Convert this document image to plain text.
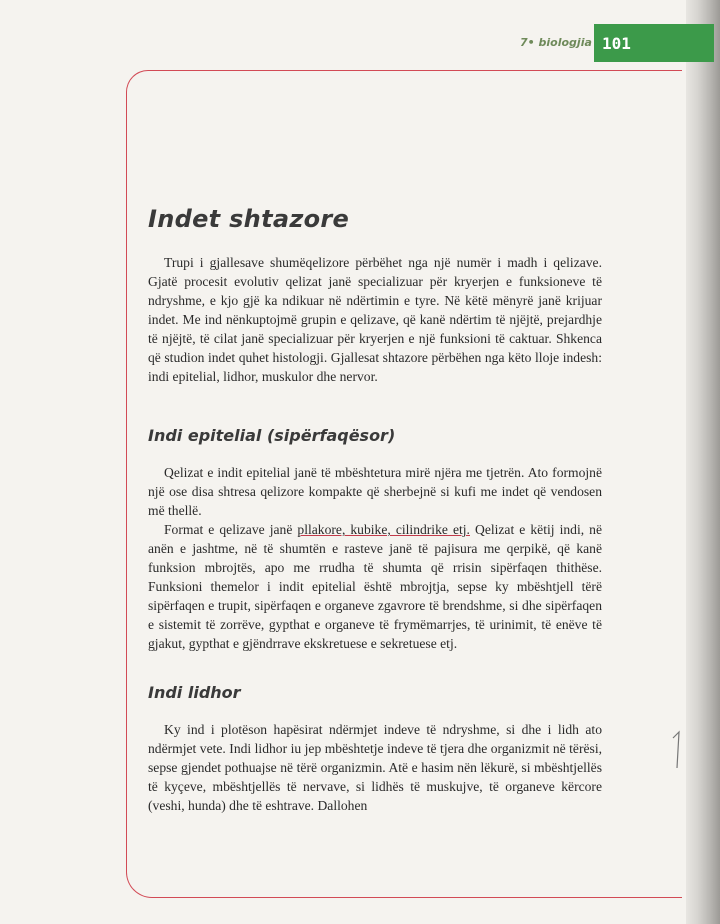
7• biologjia 101
Indet shtazore

Trupi i gjallesave shumëqelizore përbëhet nga një numër i madh i qelizave. Gjatë procesit evolutiv qelizat janë specializuar për kryerjen e funksioneve të ndryshme, e kjo gjë ka ndikuar në ndërtimin e tyre. Në këtë mënyrë janë krijuar indet. Me ind nënkuptojmë grupin e qelizave, që kanë ndërtim të njëjtë, prejardhje të njëjtë, të cilat janë specializuar për kryerjen e një funksioni të caktuar. Shkenca që studion indet quhet histologji. Gjallesat shtazore përbëhen nga këto lloje indesh: indi epitelial, lidhor, muskulor dhe nervor.

Indi epitelial (sipërfaqësor)

Qelizat e indit epitelial janë të mbështetura mirë njëra me tjetrën. Ato formojnë një ose disa shtresa qelizore kompakte që sherbejnë si kufi me indet që vendosen më thellë.

Format e qelizave janë pllakore, kubike, cilindrike etj. Qelizat e këtij indi, në anën e jashtme, në të shumtën e rasteve janë të pajisura me qerpikë, që kanë funksion mbrojtës, apo me rrudha të shumta që rrisin sipërfaqen thithëse. Funksioni themelor i indit epitelial është mbrojtja, sepse ky mbështjell tërë sipërfaqen e trupit, sipërfaqen e organeve zgavrore të brendshme, si dhe sipërfaqen e sistemit të zorrëve, gypthat e organeve të frymëmarrjes, të urinimit, të enëve të gjakut, gypthat e gjëndrrave ekskretuese e sekretuese etj.

Indi lidhor

Ky ind i plotëson hapësirat ndërmjet indeve të ndryshme, si dhe i lidh ato ndërmjet vete. Indi lidhor iu jep mbështetje indeve të tjera dhe organizmit në tërësi, sepse gjendet pothuajse në tërë organizmin. Atë e hasim nën lëkurë, si mbështjellës të kyçeve, mbështjellës të nervave, si lidhës të muskujve, të organeve kërcore (veshi, hunda) dhe të eshtrave. Dallohen
